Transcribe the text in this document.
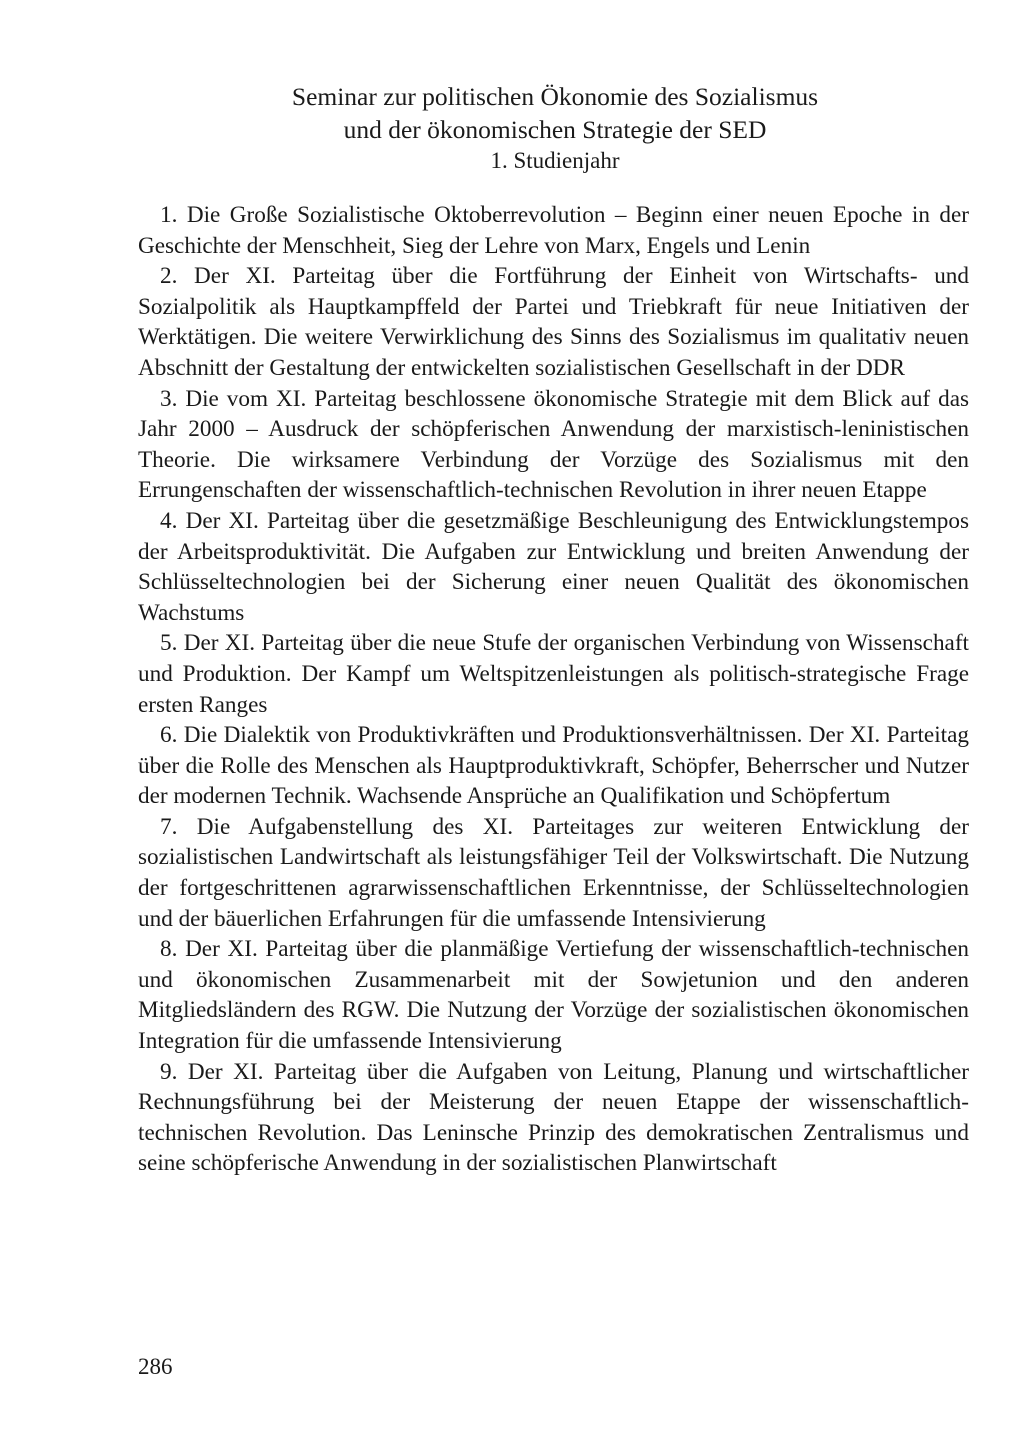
Seminar zur politischen Ökonomie des Sozialismus

und der ökonomischen Strategie der SED

1. Studienjahr

1. Die Große Sozialistische Oktoberrevolution – Beginn einer neuen Epoche in der Geschichte der Menschheit, Sieg der Lehre von Marx, Engels und Lenin

2. Der XI. Parteitag über die Fortführung der Einheit von Wirtschafts- und Sozialpolitik als Hauptkampffeld der Partei und Triebkraft für neue Initiativen der Werktätigen. Die weitere Verwirklichung des Sinns des Sozialismus im qualitativ neuen Abschnitt der Gestaltung der entwickelten sozialistischen Gesellschaft in der DDR

3. Die vom XI. Parteitag beschlossene ökonomische Strategie mit dem Blick auf das Jahr 2000 – Ausdruck der schöpferischen Anwendung der marxistisch-leninistischen Theorie. Die wirksamere Verbindung der Vorzüge des Sozialismus mit den Errungenschaften der wissenschaftlich-technischen Revolution in ihrer neuen Etappe

4. Der XI. Parteitag über die gesetzmäßige Beschleunigung des Entwicklungstempos der Arbeitsproduktivität. Die Aufgaben zur Entwicklung und breiten Anwendung der Schlüsseltechnologien bei der Sicherung einer neuen Qualität des ökonomischen Wachstums

5. Der XI. Parteitag über die neue Stufe der organischen Verbindung von Wissenschaft und Produktion. Der Kampf um Weltspitzenleistungen als politisch-strategische Frage ersten Ranges

6. Die Dialektik von Produktivkräften und Produktionsverhältnissen. Der XI. Parteitag über die Rolle des Menschen als Hauptproduktivkraft, Schöpfer, Beherrscher und Nutzer der modernen Technik. Wachsende Ansprüche an Qualifikation und Schöpfertum

7. Die Aufgabenstellung des XI. Parteitages zur weiteren Entwicklung der sozialistischen Landwirtschaft als leistungsfähiger Teil der Volkswirtschaft. Die Nutzung der fortgeschrittenen agrarwissenschaftlichen Erkenntnisse, der Schlüsseltechnologien und der bäuerlichen Erfahrungen für die umfassende Intensivierung

8. Der XI. Parteitag über die planmäßige Vertiefung der wissenschaftlich-technischen und ökonomischen Zusammenarbeit mit der Sowjetunion und den anderen Mitgliedsländern des RGW. Die Nutzung der Vorzüge der sozialistischen ökonomischen Integration für die umfassende Intensivierung

9. Der XI. Parteitag über die Aufgaben von Leitung, Planung und wirtschaftlicher Rechnungsführung bei der Meisterung der neuen Etappe der wissenschaftlich-technischen Revolution. Das Leninsche Prinzip des demokratischen Zentralismus und seine schöpferische Anwendung in der sozialistischen Planwirtschaft

286
